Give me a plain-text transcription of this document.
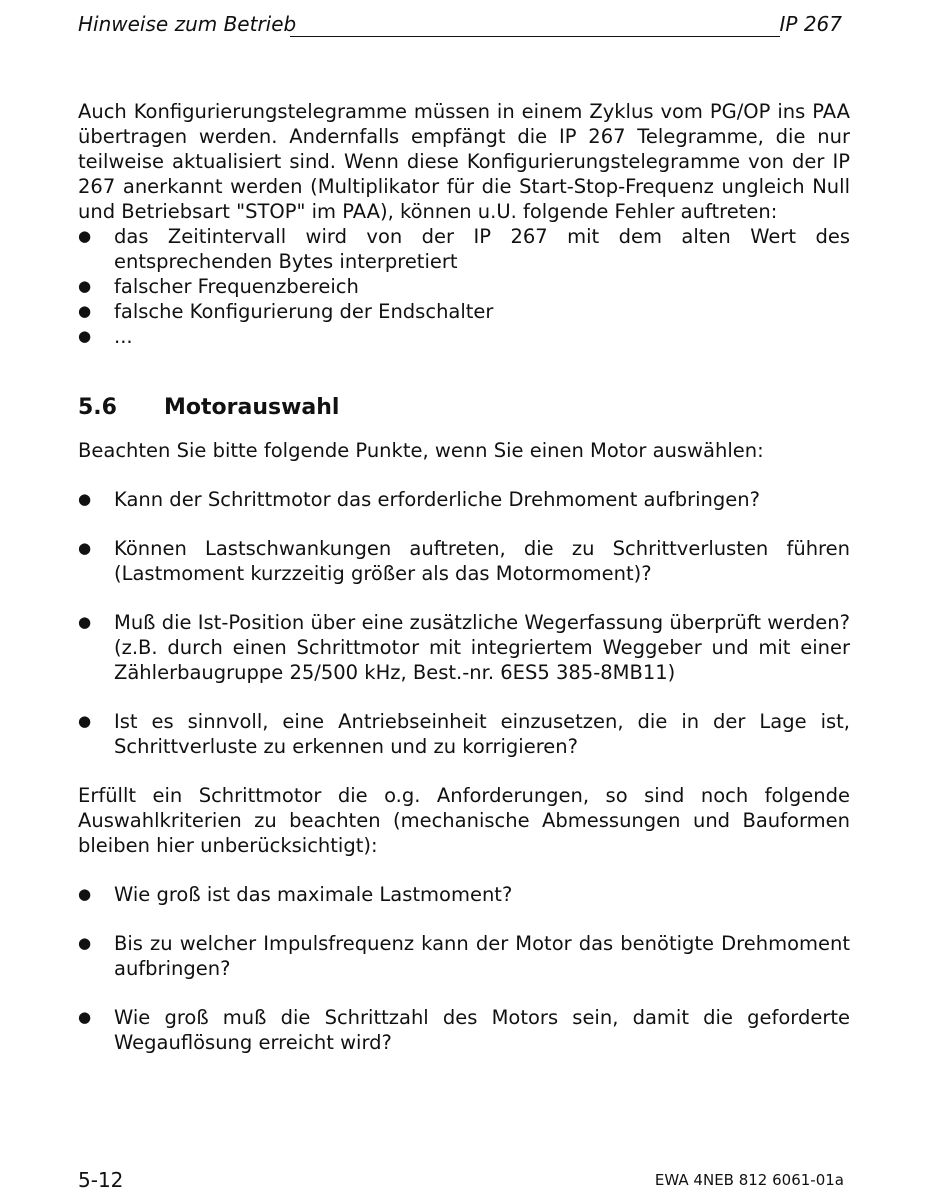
Hinweise zum Betrieb	IP 267

Auch Konfigurierungstelegramme müssen in einem Zyklus vom PG/OP ins PAA übertragen werden. Andernfalls empfängt die IP 267 Telegramme, die nur teilweise aktualisiert sind. Wenn diese Konfigurierungstelegramme von der IP 267 anerkannt werden (Multiplikator für die Start-Stop-Frequenz ungleich Null und Betriebsart "STOP" im PAA), können u.U. folgende Fehler auftreten:

● das Zeitintervall wird von der IP 267 mit dem alten Wert des entsprechenden Bytes interpretiert
● falscher Frequenzbereich
● falsche Konfigurierung der Endschalter
● ...
5.6 Motorauswahl

Beachten Sie bitte folgende Punkte, wenn Sie einen Motor auswählen:

● Kann der Schrittmotor das erforderliche Drehmoment aufbringen?
● Können Lastschwankungen auftreten, die zu Schrittverlusten führen (Lastmoment kurzzeitig größer als das Motormoment)?
● Muß die Ist-Position über eine zusätzliche Wegerfassung überprüft werden? (z.B. durch einen Schrittmotor mit integriertem Weggeber und mit einer Zählerbaugruppe 25/500 kHz, Best.-nr. 6ES5 385-8MB11)
● Ist es sinnvoll, eine Antriebseinheit einzusetzen, die in der Lage ist, Schrittverluste zu erkennen und zu korrigieren?

Erfüllt ein Schrittmotor die o.g. Anforderungen, so sind noch folgende Auswahlkriterien zu beachten (mechanische Abmessungen und Bauformen bleiben hier unberücksichtigt):

● Wie groß ist das maximale Lastmoment?
● Bis zu welcher Impulsfrequenz kann der Motor das benötigte Drehmoment aufbringen?
● Wie groß muß die Schrittzahl des Motors sein, damit die geforderte Wegauflösung erreicht wird?
5-12	EWA 4NEB 812 6061-01a
